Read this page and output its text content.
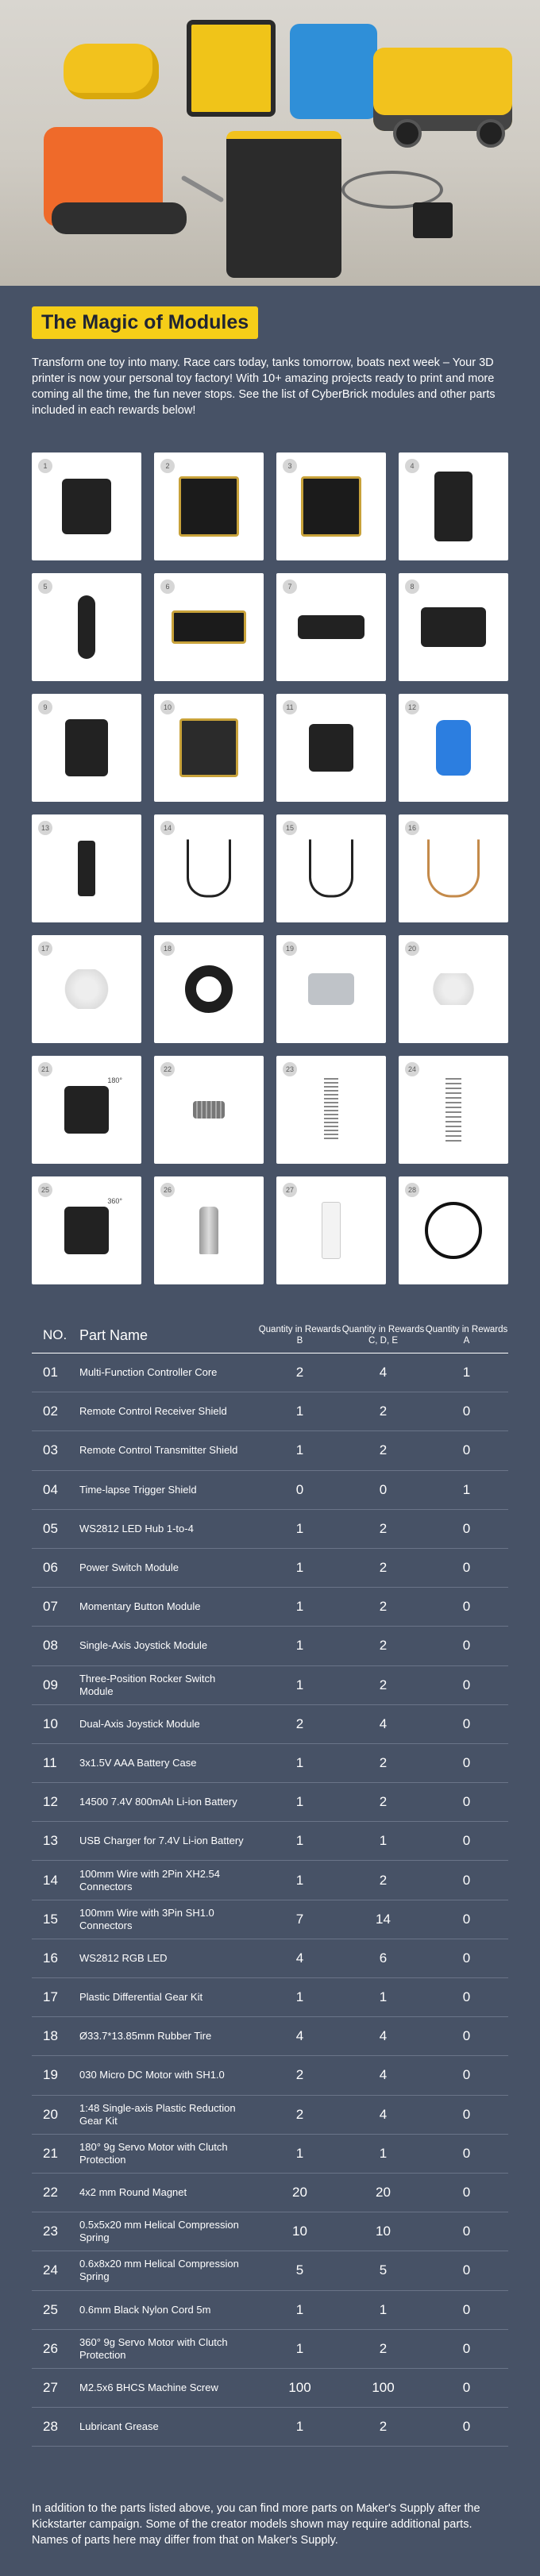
The Magic of Modules

Transform one toy into many. Race cars today, tanks tomorrow, boats next week – Your 3D printer is now your personal toy factory! With 10+ amazing projects ready to print and more coming all the time, the fun never stops. See the list of CyberBrick modules and other parts included in each rewards below!

1	2	3	4
5	6	7	8
9	10	11	12
13	14	15	16
17	18	19	20
21
180°
22	23	24
25
360°
26	27	28
NO. Part Name	Quantity in Rewards B
Quantity in Rewards C, D, E
Quantity in Rewards A
01	Multi-Function Controller Core	2	4	1
02	Remote Control Receiver Shield	1	2	0
03	Remote Control Transmitter Shield	1	2	0
04	Time-lapse Trigger Shield	0	0	1
05	WS2812 LED Hub 1-to-4	1	2	0
06	Power Switch Module	1	2	0
07	Momentary Button Module	1	2	0
08	Single-Axis Joystick Module	1	2	0
09	Three-Position Rocker Switch Module	1	2	0
10	Dual-Axis Joystick Module	2	4	0
11	3x1.5V AAA Battery Case	1	2	0
12	14500 7.4V 800mAh Li-ion Battery	1	2	0
13	USB Charger for 7.4V Li-ion Battery	1	1	0
14	100mm Wire with 2Pin XH2.54 Connectors	1	2	0
15	100mm Wire with 3Pin SH1.0 Connectors	7	14	0
16	WS2812 RGB LED	4	6	0
17	Plastic Differential Gear Kit	1	1	0
18	Ø33.7*13.85mm Rubber Tire	4	4	0
19	030 Micro DC Motor with SH1.0	2	4	0
20	1:48 Single-axis Plastic Reduction Gear Kit	2	4	0
21	180° 9g Servo Motor with Clutch Protection	1	1	0
22	4x2 mm Round Magnet	20	20	0
23	0.5x5x20 mm Helical Compression Spring	10	10	0
24	0.6x8x20 mm Helical Compression Spring	5	5	0
25	0.6mm Black Nylon Cord 5m	1	1	0
26	360° 9g Servo Motor with Clutch Protection	1	2	0
27	M2.5x6 BHCS Machine Screw	100	100	0
28	Lubricant Grease	1	2	0

In addition to the parts listed above, you can find more parts on Maker's Supply after the Kickstarter campaign. Some of the creator models shown may require additional parts. Names of parts here may differ from that on Maker's Supply.
